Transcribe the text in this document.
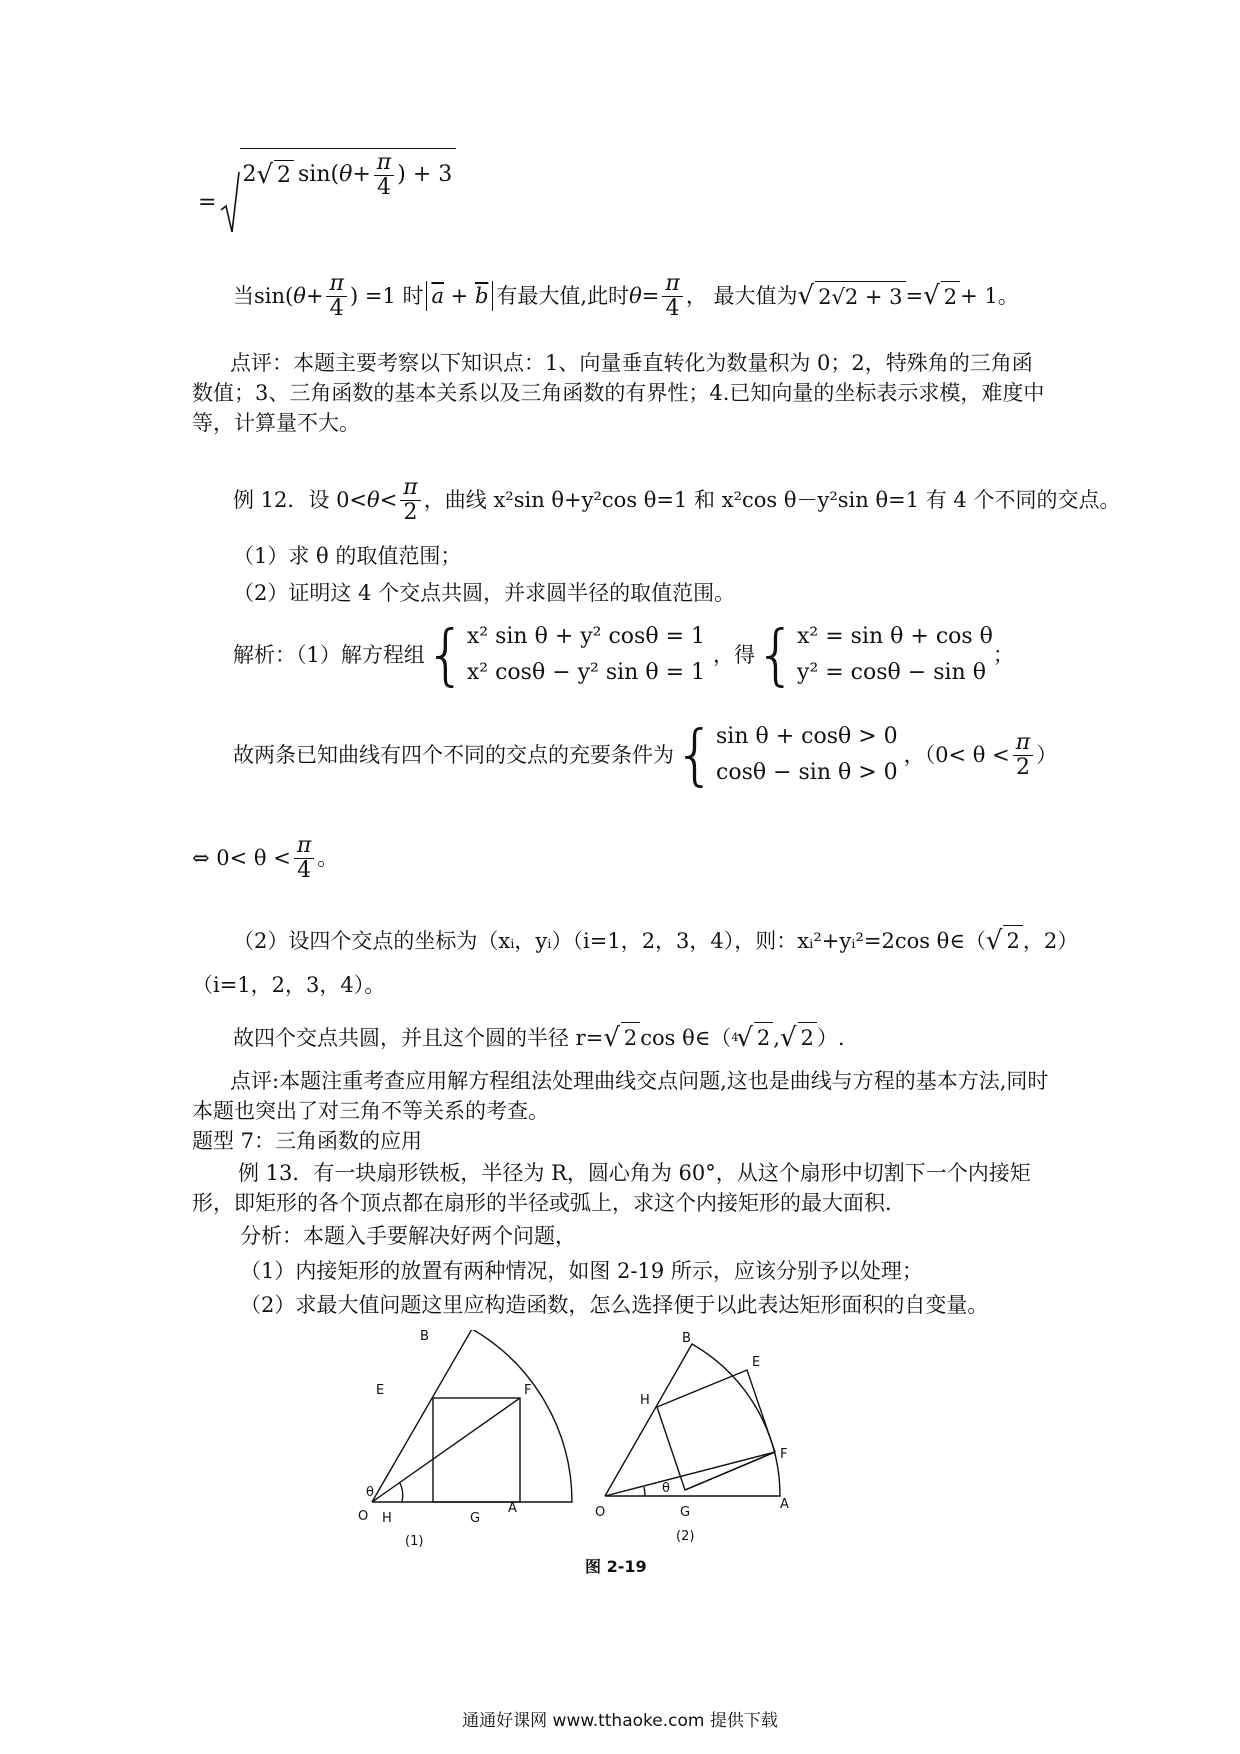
=
2 √ 2 sin( $\theta + \frac{\pi}{4}$ ) + 3
当sin( $\theta + \frac{\pi}{4}$ ) =1 时 $\overline{a} + \overline{b}$ 有最大值,此时 $\theta = \frac{\pi}{4}$ ， 最大值为 √ 2√2 + 3 = √ 2 + 1。
点评：本题主要考察以下知识点：1、向量垂直转化为数量积为 0；2，特殊角的三角函数值；3、三角函数的基本关系以及三角函数的有界性；4.已知向量的坐标表示求模，难度中等，计算量不大。
例 12．设 $0< \theta < \frac{\pi}{2}$ ，曲线 x²sin θ+y²cos θ=1 和 x²cos θ－y²sin θ=1 有 4 个不同的交点。
（1）求 θ 的取值范围；
（2）证明这 4 个交点共圆，并求圆半径的取值范围。
解析：（1）解方程组 { x² sin θ + y² cosθ = 1
x² cosθ − y² sin θ = 1
，得 { x² = sin θ + cos θ
y² = cosθ − sin θ
；
故两条已知曲线有四个不同的交点的充要条件为 { sin θ + cosθ > 0
cosθ − sin θ > 0
，（$0< \theta < \frac{\pi}{2}$ ）
⇔ $0< \theta < \frac{\pi}{4}$ 。
（2）设四个交点的坐标为（xᵢ，yᵢ）（i=1，2，3，4），则：xᵢ²+yᵢ²=2cos θ∈（ √ 2 ，2）
（i=1，2，3，4）。
故四个交点共圆，并且这个圆的半径 r= √ 2 cos θ∈（ 4
√ 2 , √ 2 ）.
点评:本题注重考查应用解方程组法处理曲线交点问题,这也是曲线与方程的基本方法,同时本题也突出了对三角不等关系的考查。
题型 7：三角函数的应用
例 13．有一块扇形铁板，半径为 R，圆心角为 60°，从这个扇形中切割下一个内接矩形，即矩形的各个顶点都在扇形的半径或弧上，求这个内接矩形的最大面积．
分析：本题入手要解决好两个问题，
（1）内接矩形的放置有两种情况，如图 2-19 所示，应该分别予以处理；
（2）求最大值问题这里应构造函数，怎么选择便于以此表达矩形面积的自变量。
O
B
E	F
H	G
A
θ
(1)
O
B
E
H
F
G
A
θ
(2)
图 2-19
通通好课网 www.tthaoke.com 提供下载
